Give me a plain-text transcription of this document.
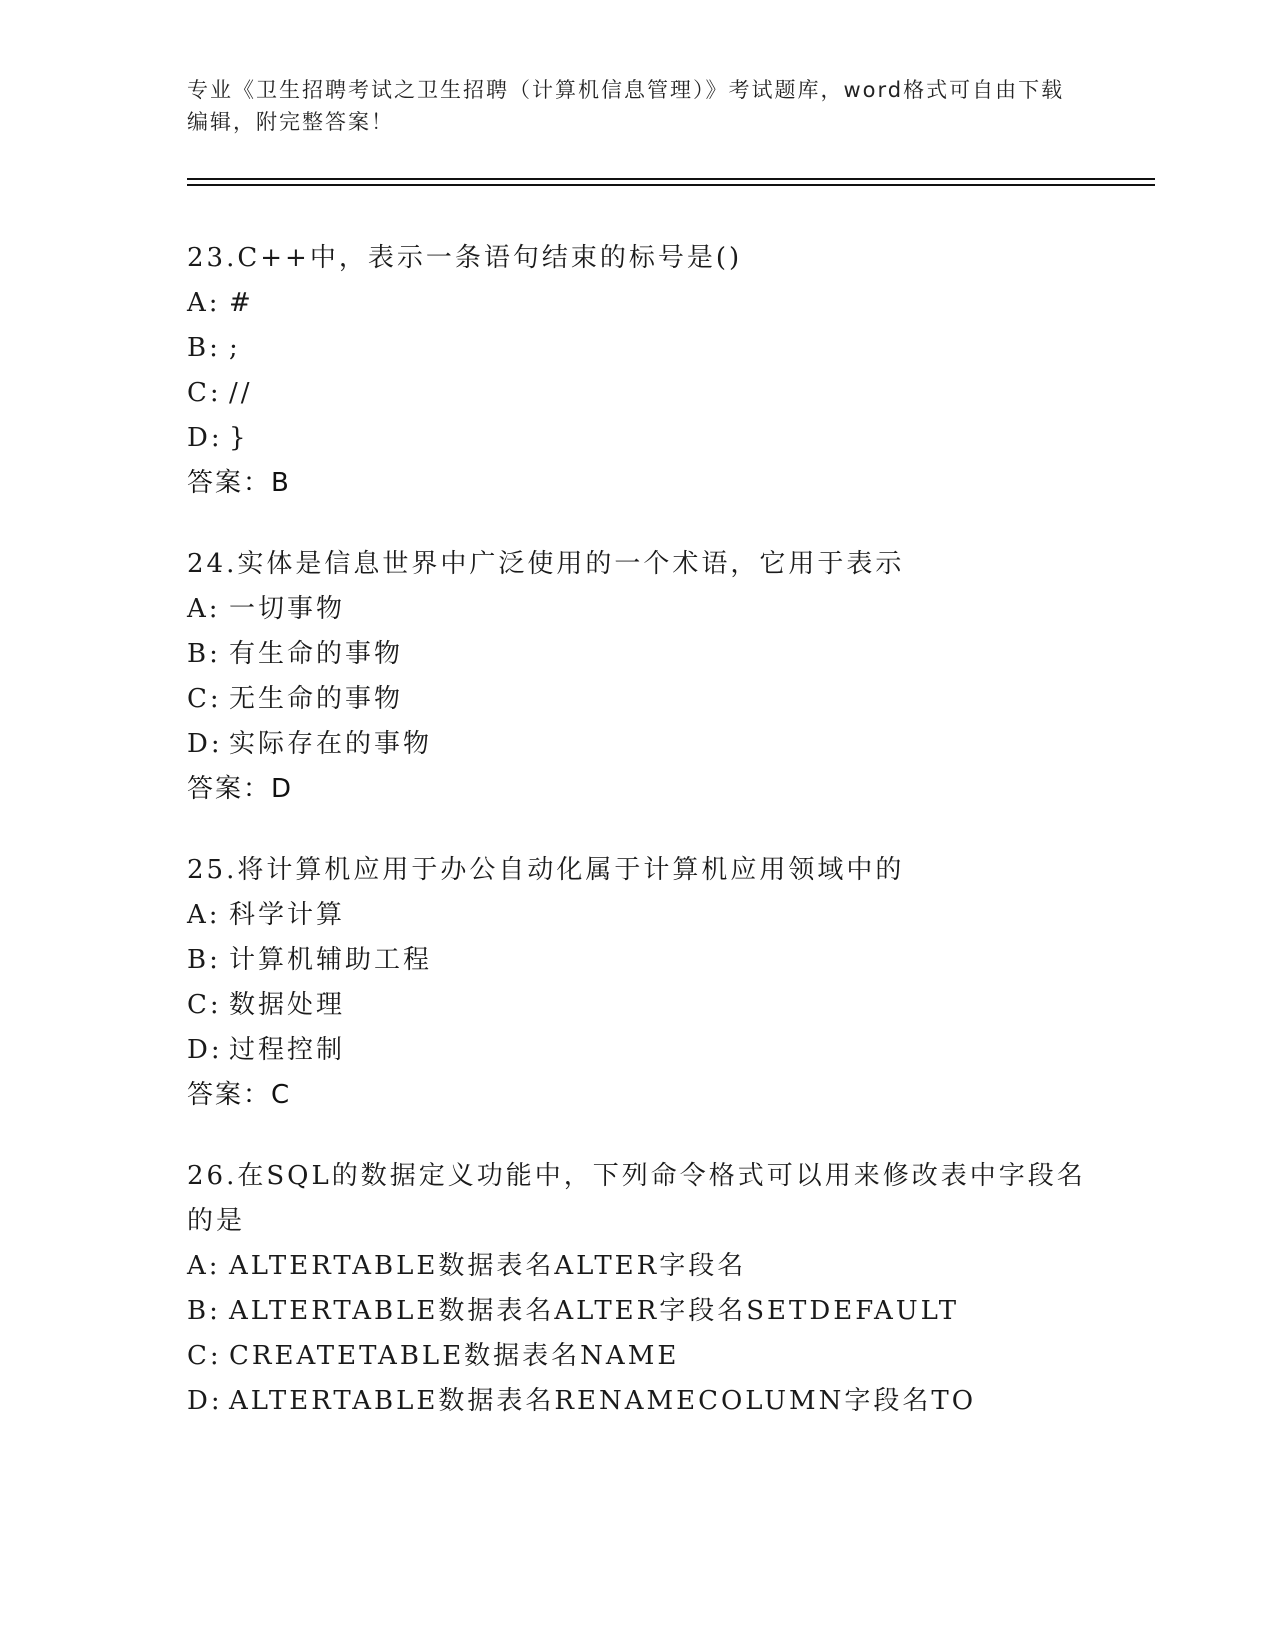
专业《卫生招聘考试之卫生招聘（计算机信息管理）》考试题库，word格式可自由下载编辑，附完整答案！

23.C++中，表示一条语句结束的标号是()

A: #

B: ;

C: //

D: }

答案：B

24.实体是信息世界中广泛使用的一个术语，它用于表示

A: 一切事物

B: 有生命的事物

C: 无生命的事物

D: 实际存在的事物

答案：D

25.将计算机应用于办公自动化属于计算机应用领域中的

A: 科学计算

B: 计算机辅助工程

C: 数据处理

D: 过程控制

答案：C

26.在SQL的数据定义功能中，下列命令格式可以用来修改表中字段名的是

A: ALTERTABLE数据表名ALTER字段名

B: ALTERTABLE数据表名ALTER字段名SETDEFAULT

C: CREATETABLE数据表名NAME

D: ALTERTABLE数据表名RENAMECOLUMN字段名TO
